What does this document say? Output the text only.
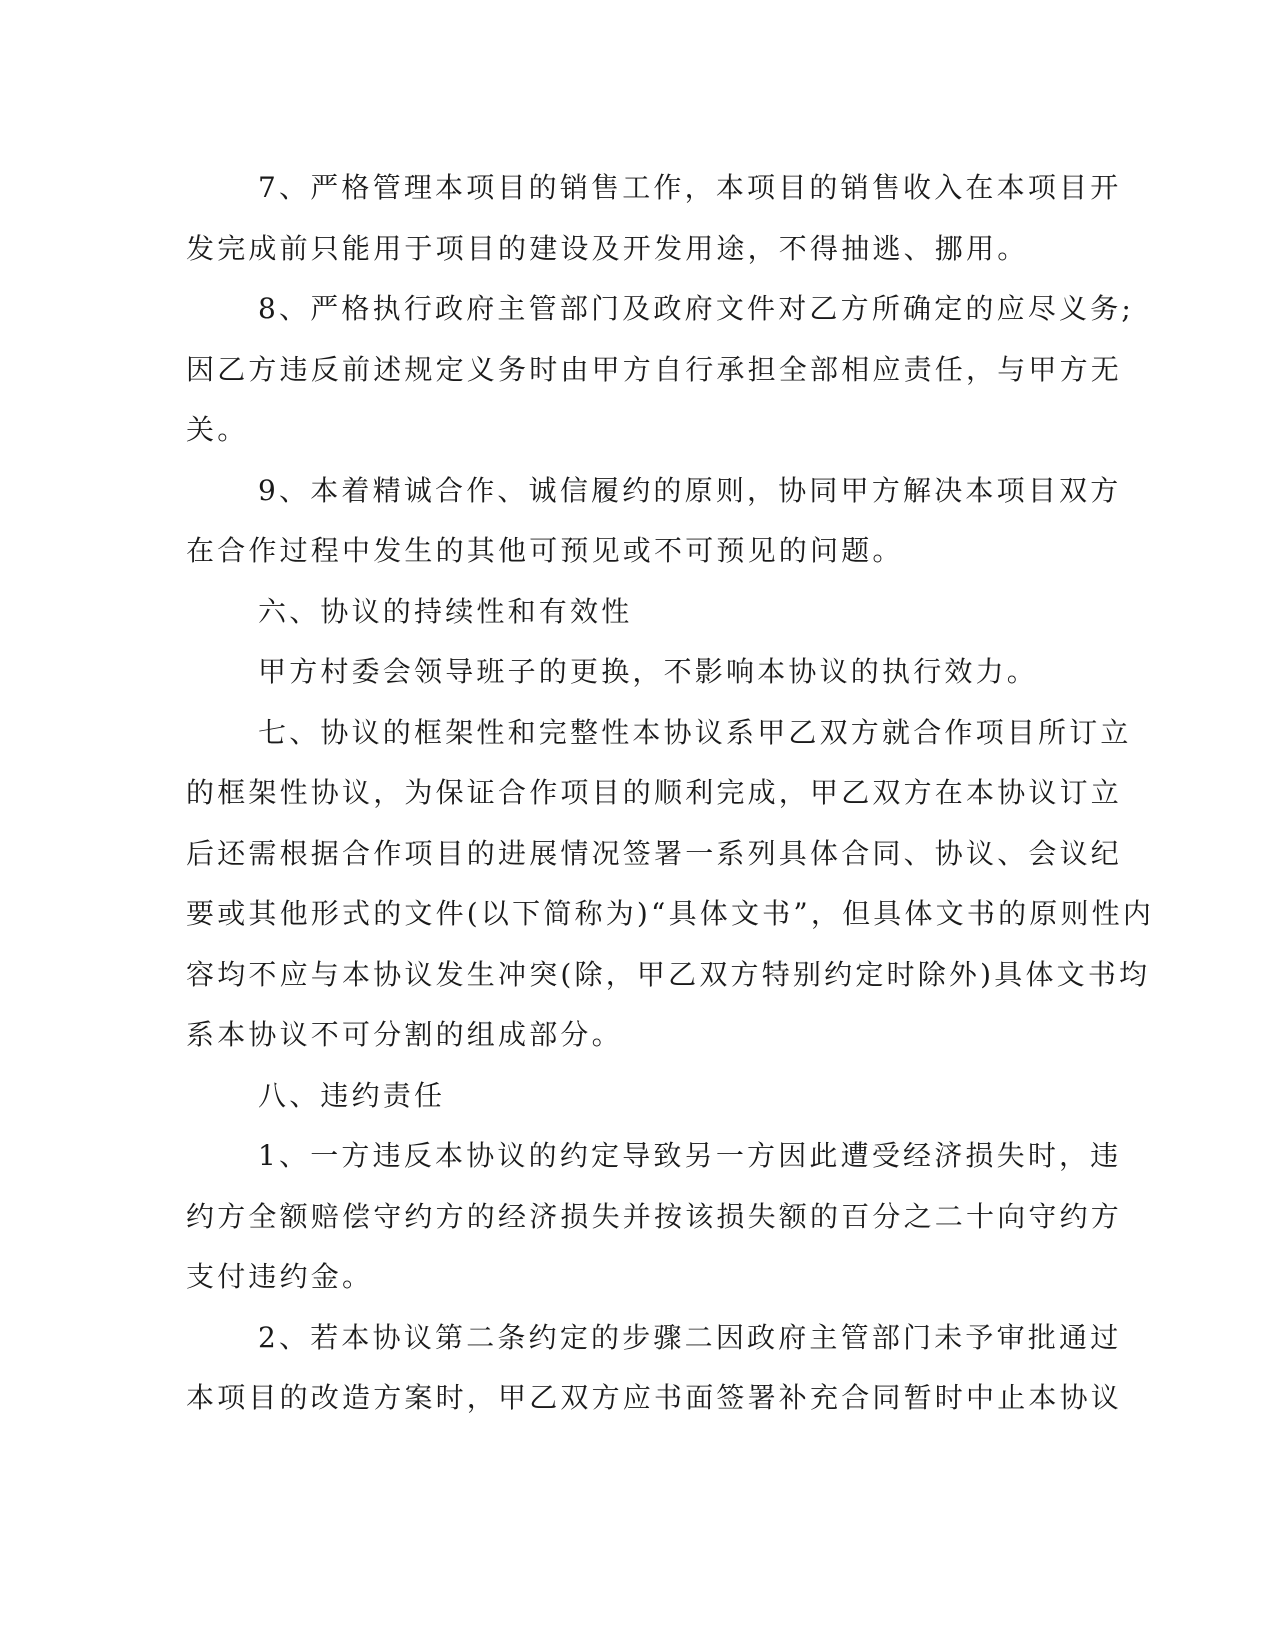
7、严格管理本项目的销售工作，本项目的销售收入在本项目开
发完成前只能用于项目的建设及开发用途，不得抽逃、挪用。
8、严格执行政府主管部门及政府文件对乙方所确定的应尽义务;
因乙方违反前述规定义务时由甲方自行承担全部相应责任，与甲方无
关。
9、本着精诚合作、诚信履约的原则，协同甲方解决本项目双方
在合作过程中发生的其他可预见或不可预见的问题。
六、协议的持续性和有效性
甲方村委会领导班子的更换，不影响本协议的执行效力。
七、协议的框架性和完整性本协议系甲乙双方就合作项目所订立
的框架性协议，为保证合作项目的顺利完成，甲乙双方在本协议订立
后还需根据合作项目的进展情况签署一系列具体合同、协议、会议纪
要或其他形式的文件(以下简称为)“具体文书”，但具体文书的原则性内
容均不应与本协议发生冲突(除，甲乙双方特别约定时除外)具体文书均
系本协议不可分割的组成部分。
八、违约责任
1、一方违反本协议的约定导致另一方因此遭受经济损失时，违
约方全额赔偿守约方的经济损失并按该损失额的百分之二十向守约方
支付违约金。
2、若本协议第二条约定的步骤二因政府主管部门未予审批通过
本项目的改造方案时，甲乙双方应书面签署补充合同暂时中止本协议
